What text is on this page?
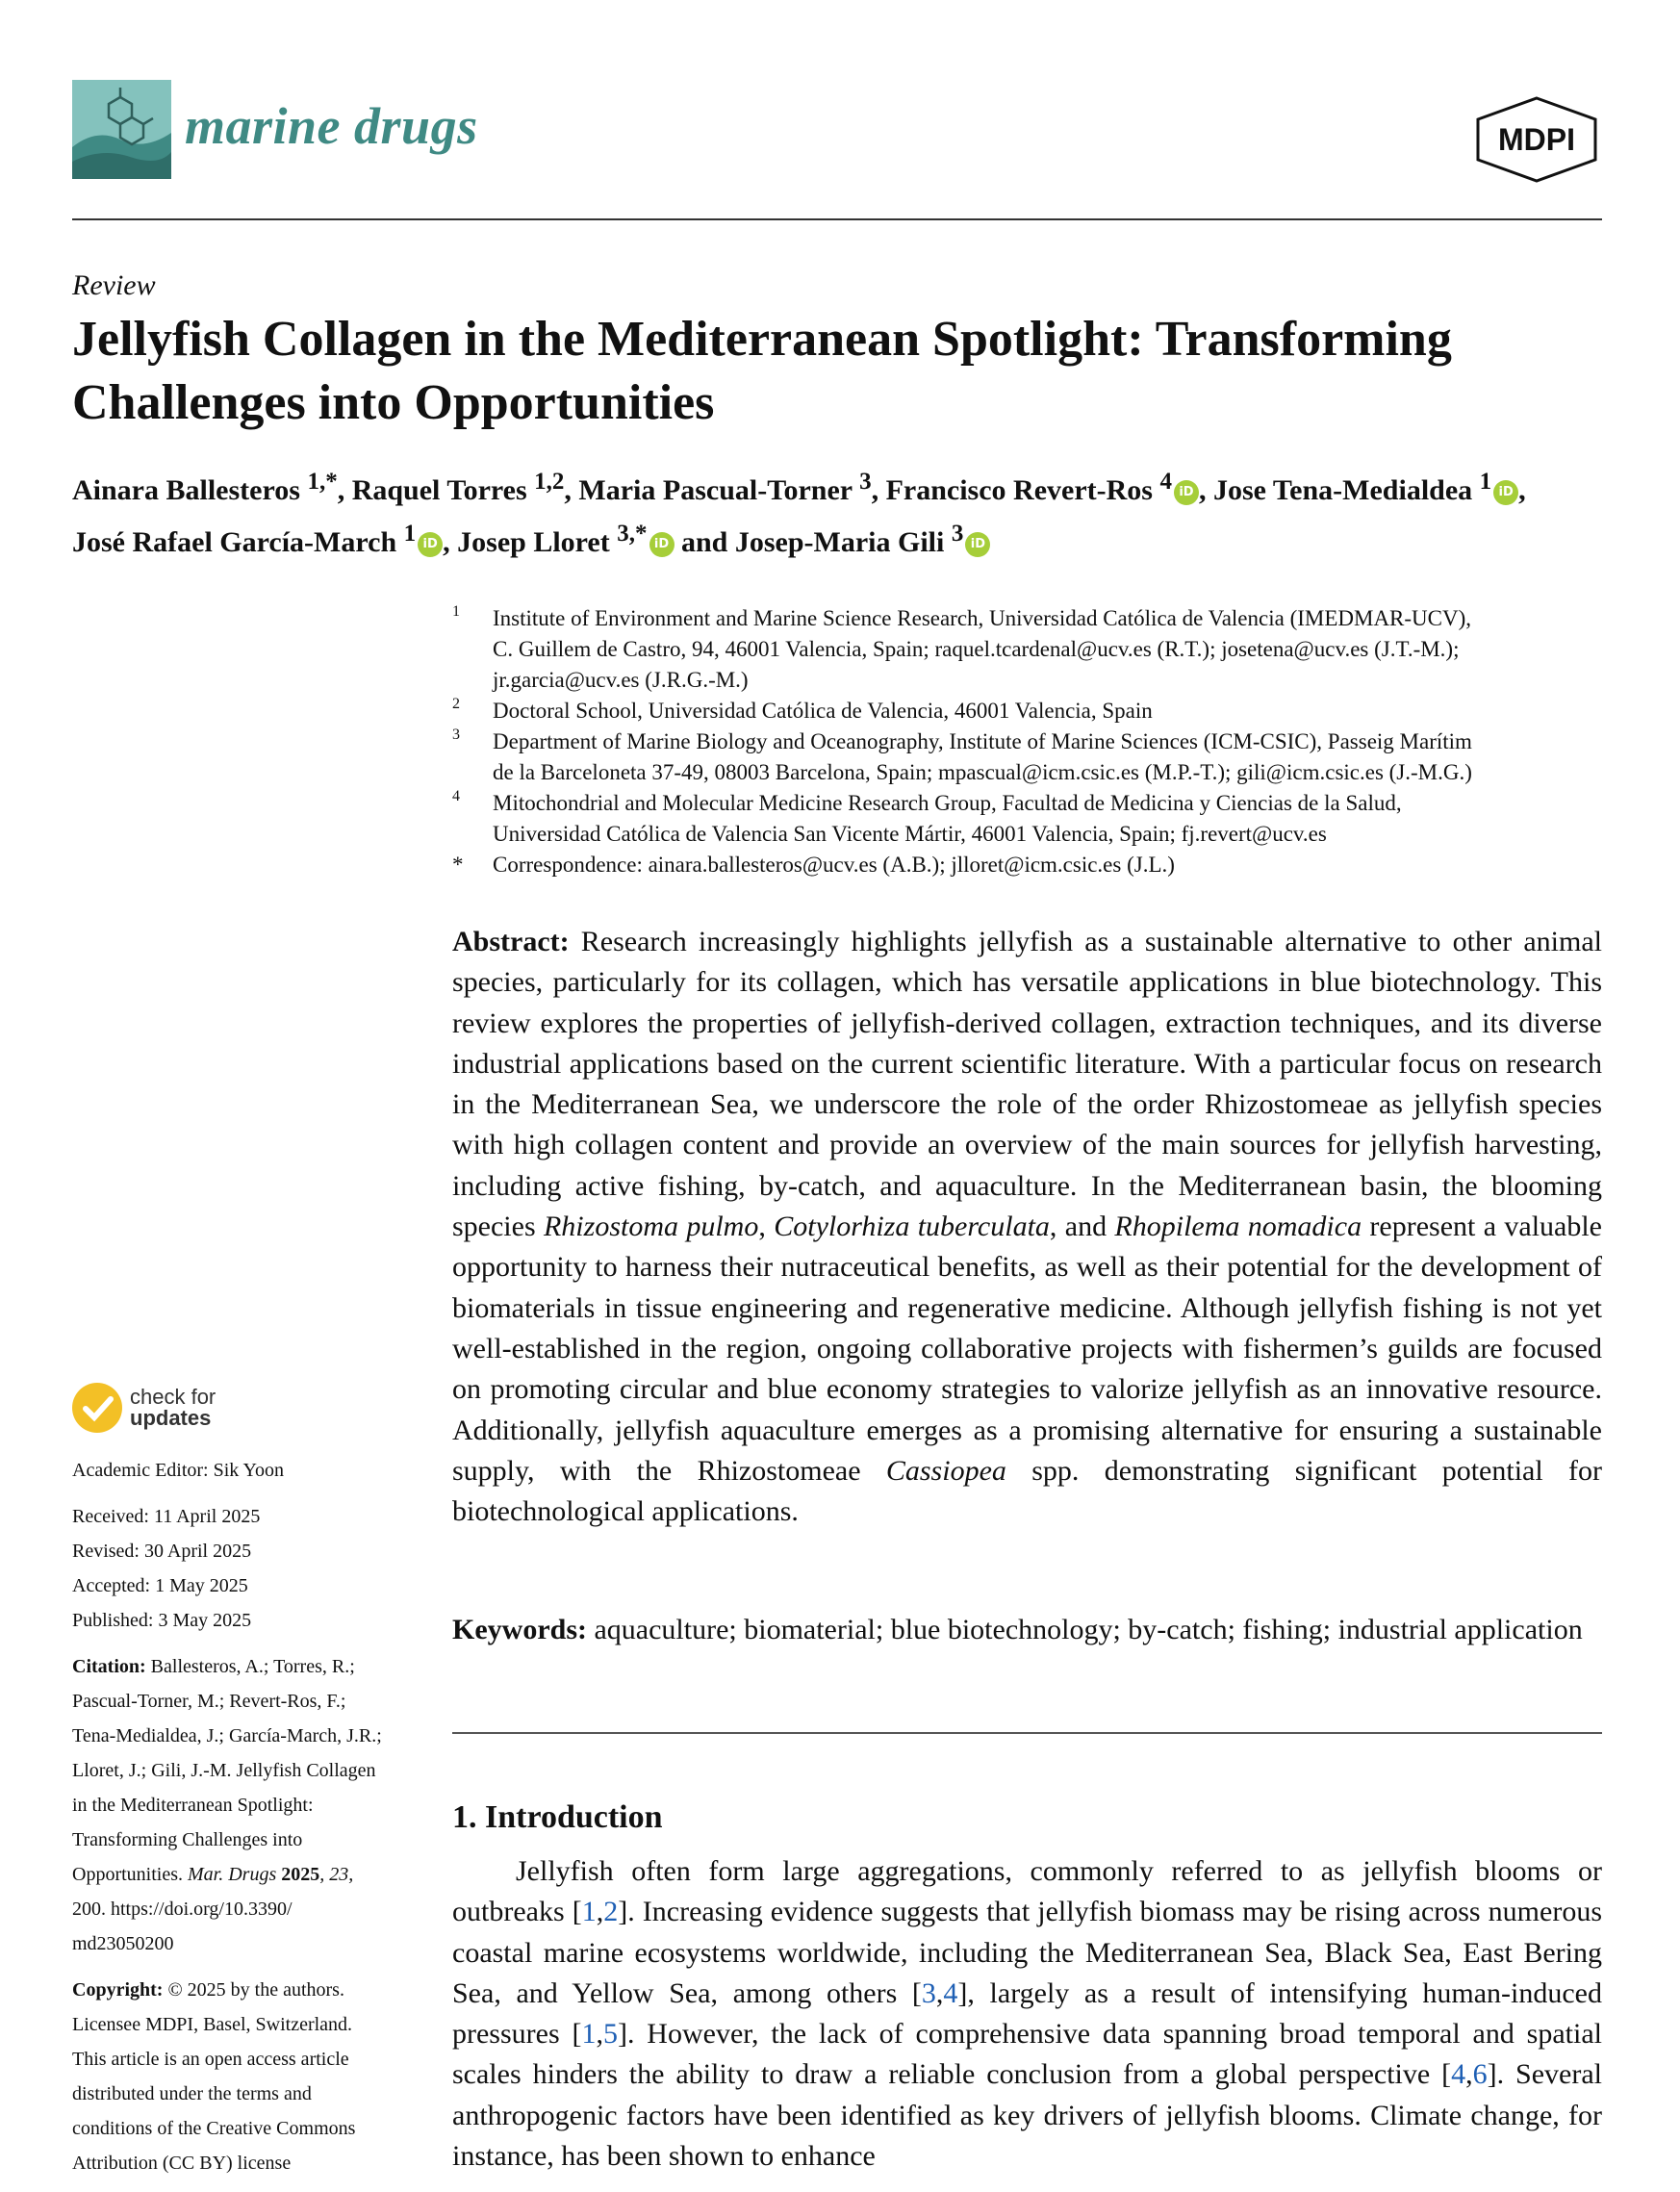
marine drugs	MDPI
Review
Jellyfish Collagen in the Mediterranean Spotlight: Transforming
Challenges into Opportunities
Ainara Ballesteros $^{1,*}$, Raquel Torres $^{1,2}$, Maria Pascual-Torner $^3$, Francisco Revert-Ros $^4$ iD , Jose Tena-Medialdea $^1$ iD ,
José Rafael García-March $^1$ iD , Josep Lloret $^{3,*}$ iD and Josep-Maria Gili $^3$ iD
1 Institute of Environment and Marine Science Research, Universidad Católica de Valencia (IMEDMAR-UCV),
C. Guillem de Castro, 94, 46001 Valencia, Spain; raquel.tcardenal@ucv.es (R.T.); josetena@ucv.es (J.T.-M.);
jr.garcia@ucv.es (J.R.G.-M.)
2 Doctoral School, Universidad Católica de Valencia, 46001 Valencia, Spain
3 Department of Marine Biology and Oceanography, Institute of Marine Sciences (ICM-CSIC), Passeig Marítim
de la Barceloneta 37-49, 08003 Barcelona, Spain; mpascual@icm.csic.es (M.P.-T.); gili@icm.csic.es (J.-M.G.)
4 Mitochondrial and Molecular Medicine Research Group, Facultad de Medicina y Ciencias de la Salud,
Universidad Católica de Valencia San Vicente Mártir, 46001 Valencia, Spain; fj.revert@ucv.es
* Correspondence: ainara.ballesteros@ucv.es (A.B.); jlloret@icm.csic.es (J.L.)
Abstract: Research increasingly highlights jellyfish as a sustainable alternative to other animal species, particularly for its collagen, which has versatile applications in blue biotechnology. This review explores the properties of jellyfish-derived collagen, extraction techniques, and its diverse industrial applications based on the current scientific literature. With a particular focus on research in the Mediterranean Sea, we underscore the role of the order Rhizostomeae as jellyfish species with high collagen content and provide an overview of the main sources for jellyfish harvesting, including active fishing, by-catch, and aquaculture. In the Mediterranean basin, the blooming species Rhizostoma pulmo, Cotylorhiza tuberculata, and Rhopilema nomadica represent a valuable opportunity to harness their nutraceutical benefits, as well as their potential for the development of biomaterials in tissue engineering and regenerative medicine. Although jellyfish fishing is not yet well-established in the region, ongoing collaborative projects with fishermen’s guilds are focused on promoting circular and blue economy strategies to valorize jellyfish as an innovative resource. Additionally, jellyfish aquaculture emerges as a promising alternative for ensuring a sustainable supply, with the Rhizostomeae Cassiopea spp. demonstrating significant potential for biotechnological applications.
Keywords: aquaculture; biomaterial; blue biotechnology; by-catch; fishing; industrial application
1. Introduction
Jellyfish often form large aggregations, commonly referred to as jellyfish blooms or outbreaks [1,2]. Increasing evidence suggests that jellyfish biomass may be rising across numerous coastal marine ecosystems worldwide, including the Mediterranean Sea, Black Sea, East Bering Sea, and Yellow Sea, among others [3,4], largely as a result of intensifying human-induced pressures [1,5]. However, the lack of comprehensive data spanning broad temporal and spatial scales hinders the ability to draw a reliable conclusion from a global perspective [4,6]. Several anthropogenic factors have been identified as key drivers of jellyfish blooms. Climate change, for instance, has been shown to enhance
check for
updates
Academic Editor: Sik Yoon
Received: 11 April 2025
Revised: 30 April 2025
Accepted: 1 May 2025
Published: 3 May 2025
Citation: Ballesteros, A.; Torres, R.;
Pascual-Torner, M.; Revert-Ros, F.;
Tena-Medialdea, J.; García-March, J.R.;
Lloret, J.; Gili, J.-M. Jellyfish Collagen
in the Mediterranean Spotlight:
Transforming Challenges into
Opportunities. Mar. Drugs 2025, 23,
200. https://doi.org/10.3390/
md23050200

Copyright: © 2025 by the authors.
Licensee MDPI, Basel, Switzerland.
This article is an open access article
distributed under the terms and
conditions of the Creative Commons
Attribution (CC BY) license
